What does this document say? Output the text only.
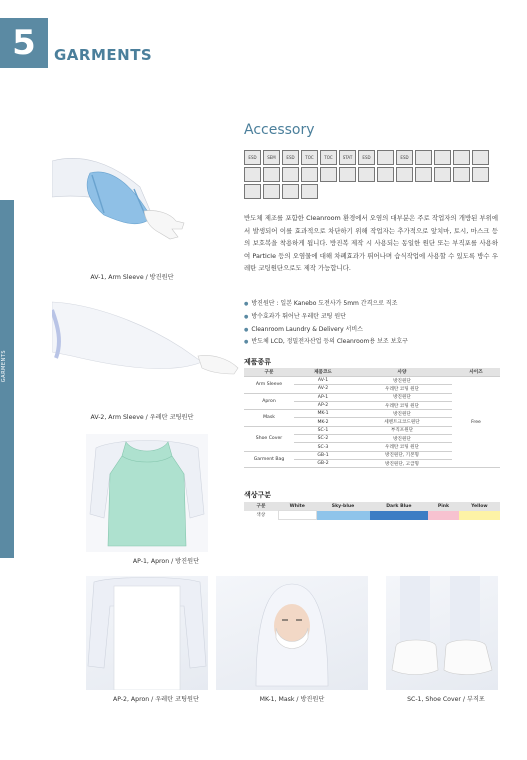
5	GARMENTS
GARMENTS
AV-1, Arm Sleeve / 방진원단
AV-2, Arm Sleeve / 우레탄 코팅원단
AP-1, Apron / 방진원단
Accessory
ESD	SEM	ESD	TOC	TOC	STAT	ESD	ESD
반도체 제조를 포함한 Cleanroom 환경에서 오염의 대부분은 주로 작업자의 개방된 부위에서 발생되어 이를 효과적으로 차단하기 위해 작업자는 추가적으로 앞치마, 토시, 마스크 등의 보호복을 착용하게 됩니다. 방진복 제작 시 사용되는 동일한 원단 또는 부직포를 사용하여 Particle 등의 오염물에 대해 차폐효과가 뛰어나며 습식작업에 사용할 수 있도록 방수 우레탄 코팅원단으로도 제작 가능합니다.
● 방진원단 : 일본 Kanebo 도전사가 5mm 간격으로 직조
● 방수효과가 뛰어난 우레탄 코팅 원단
● Cleanroom Laundry & Delivery 서비스
● 반도체 LCD, 정밀전자산업 등의 Cleanroom용 보조 보호구
제품종류
구분	제품코드	사양	사이즈
Arm Sleeve	AV-1	방진원단	Free
	AV-2	우레탄 코팅 원단	
Apron	AP-1	방진원단	
	AP-2	우레탄 코팅 원단	
Mask	MK-1	방진원단	
	MK-2	세멘트크코드원단	
Shoe Cover	SC-1	부직포원단	
	SC-2	방진원단	
	SC-3	우레탄 코팅 원단	
Garment Bag	GB-1	방진원단, 기본형	
	GB-2	방진원단, 고급형	
색상구분
구분	White	Sky-blue	Dark Blue	Pink	Yellow
색상					
AP-2, Apron / 우레탄 코팅원단	MK-1, Mask / 방진원단	SC-1, Shoe Cover / 부직포
